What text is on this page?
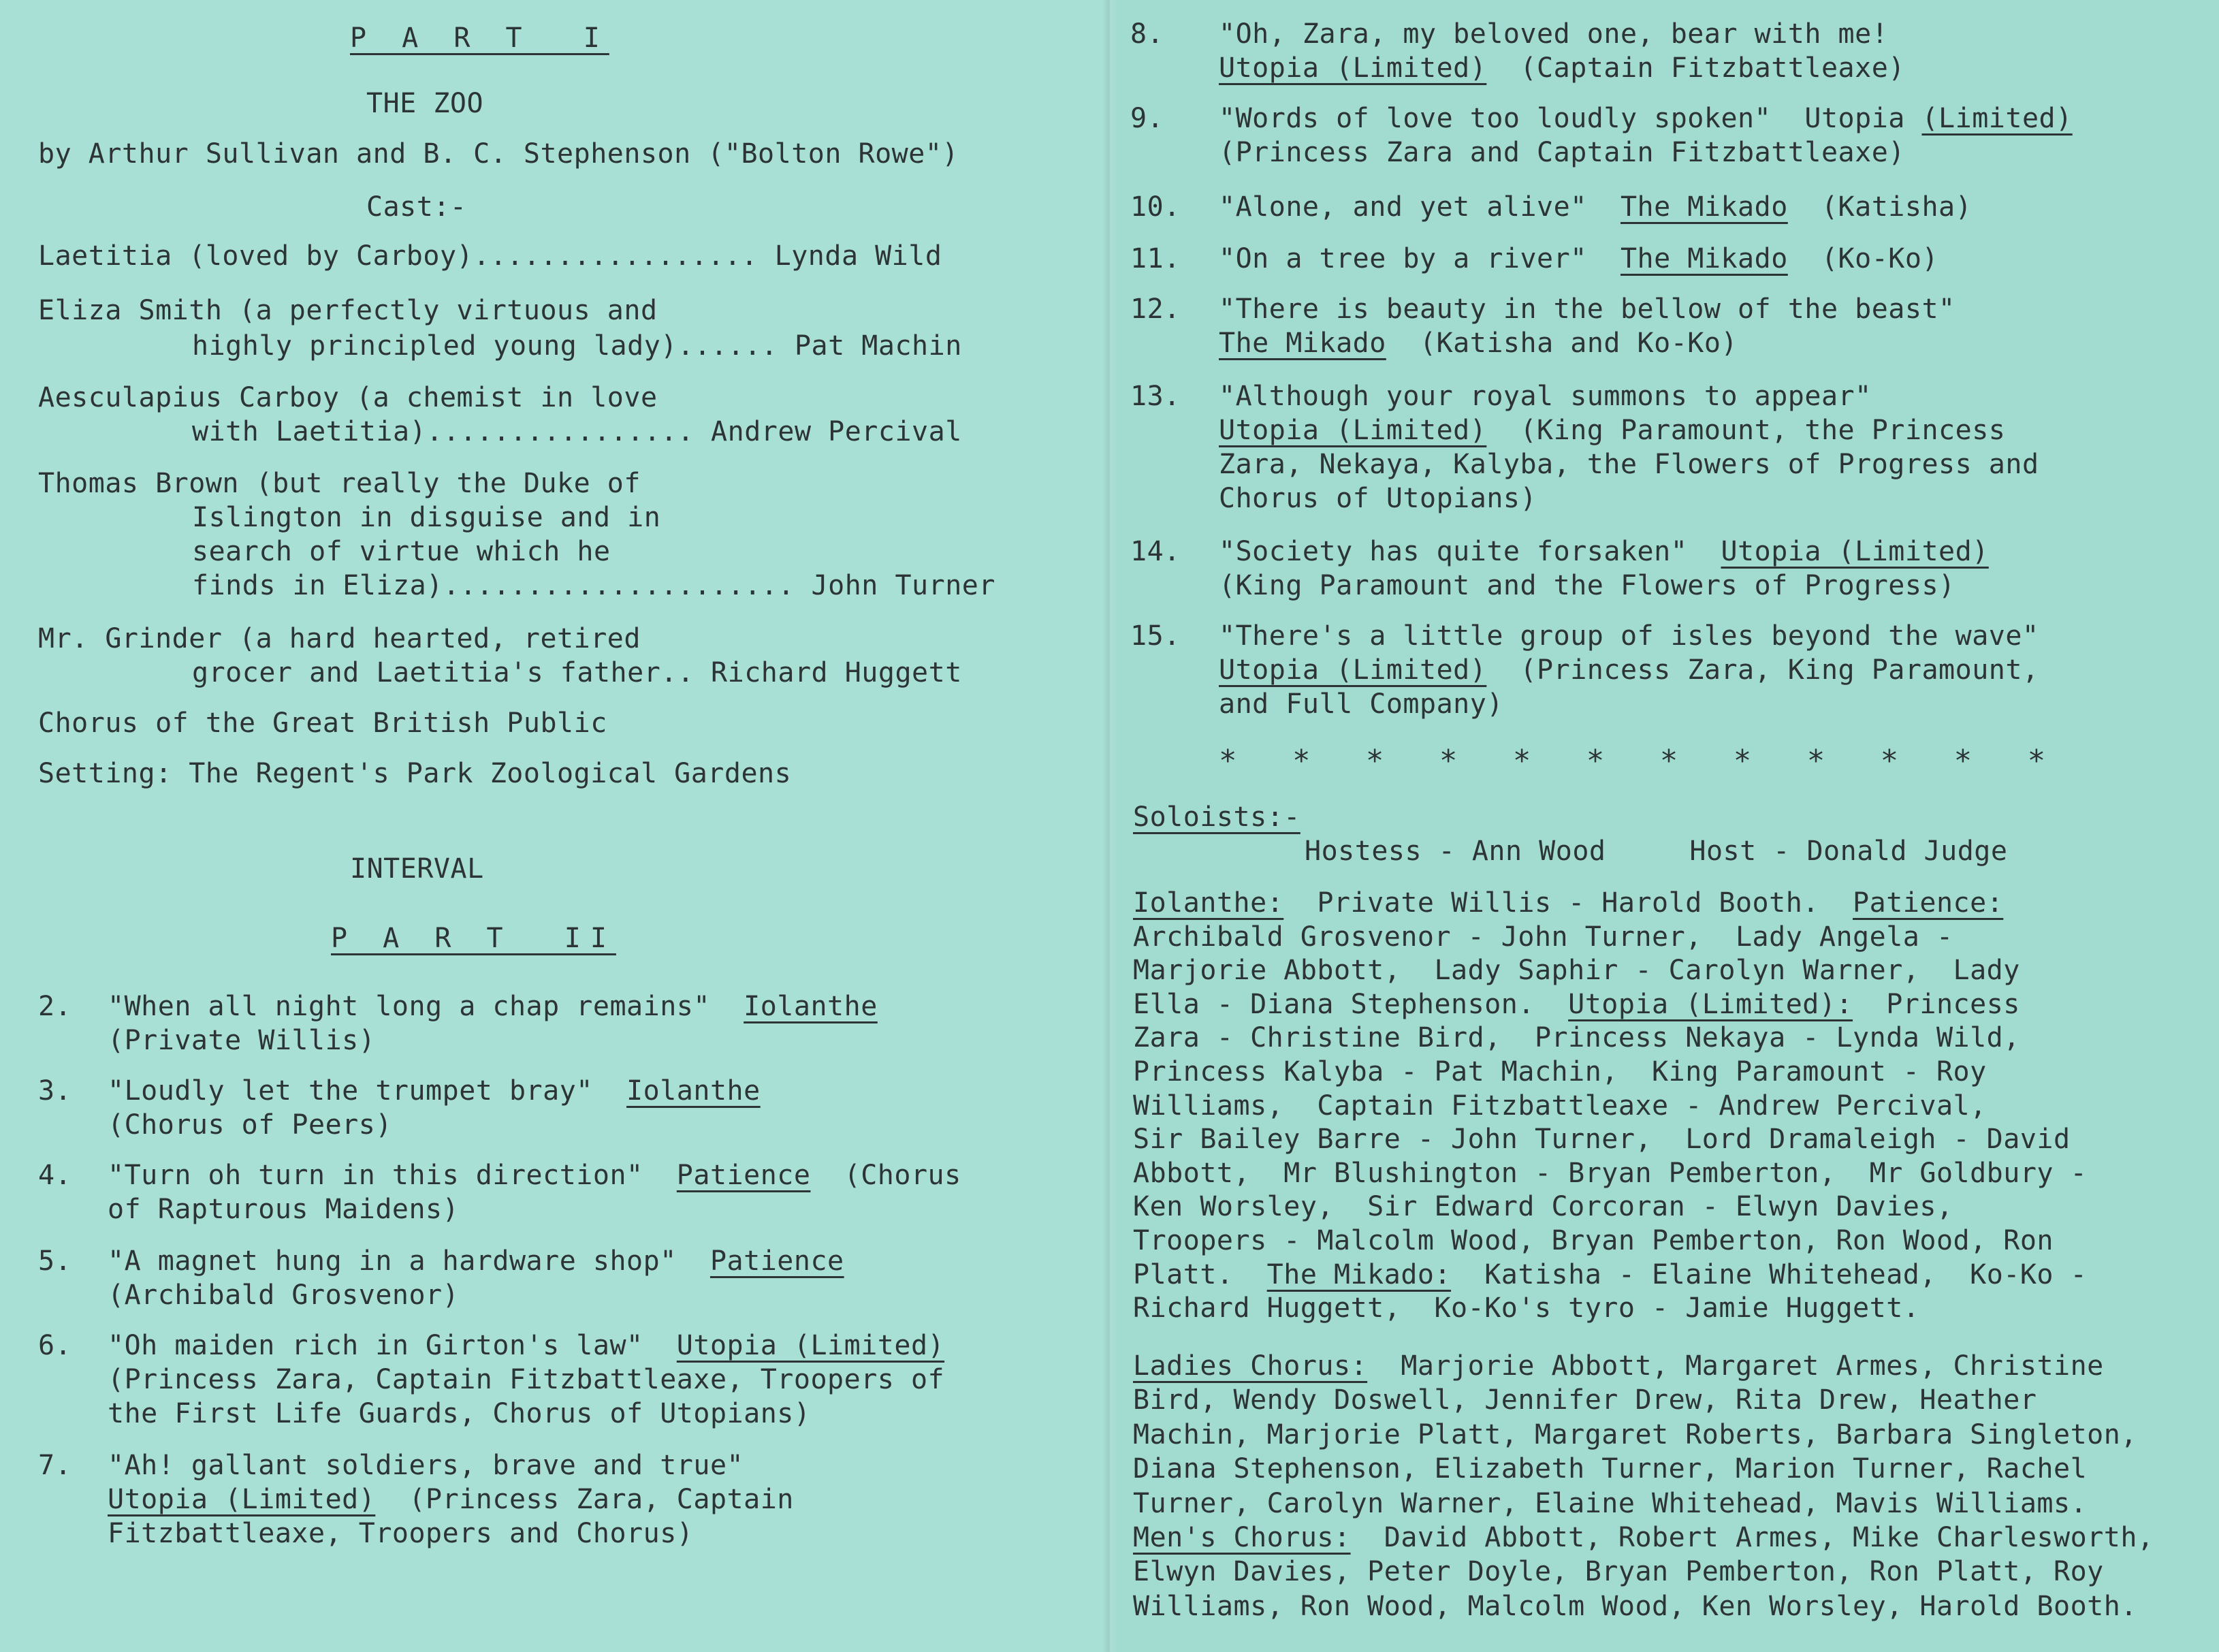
P A R T  I
THE ZOO
by Arthur Sullivan and B. C. Stephenson ("Bolton Rowe")
Cast:-
Laetitia (loved by Carboy)................. Lynda Wild
Eliza Smith (a perfectly virtuous and
highly principled young lady)...... Pat Machin
Aesculapius Carboy (a chemist in love
with Laetitia)................ Andrew Percival
Thomas Brown (but really the Duke of
Islington in disguise and in
search of virtue which he
finds in Eliza)..................... John Turner
Mr. Grinder (a hard hearted, retired
grocer and Laetitia's father.. Richard Huggett
Chorus of the Great British Public
Setting: The Regent's Park Zoological Gardens
INTERVAL
P A R T  II
2. "When all night long a chap remains"  Iolanthe
(Private Willis)
3. "Loudly let the trumpet bray"  Iolanthe
(Chorus of Peers)
4. "Turn oh turn in this direction"  Patience  (Chorus
of Rapturous Maidens)
5. "A magnet hung in a hardware shop"  Patience
(Archibald Grosvenor)
6. "Oh maiden rich in Girton's law"  Utopia (Limited)
(Princess Zara, Captain Fitzbattleaxe, Troopers of
the First Life Guards, Chorus of Utopians)
7. "Ah! gallant soldiers, brave and true"
Utopia (Limited)  (Princess Zara, Captain
Fitzbattleaxe, Troopers and Chorus)
8. "Oh, Zara, my beloved one, bear with me!
Utopia (Limited)  (Captain Fitzbattleaxe)
9. "Words of love too loudly spoken"  Utopia (Limited)
(Princess Zara and Captain Fitzbattleaxe)
10. "Alone, and yet alive"  The Mikado  (Katisha)
11. "On a tree by a river"  The Mikado  (Ko-Ko)
12. "There is beauty in the bellow of the beast"
The Mikado  (Katisha and Ko-Ko)
13. "Although your royal summons to appear"
Utopia (Limited)  (King Paramount, the Princess
Zara, Nekaya, Kalyba, the Flowers of Progress and
Chorus of Utopians)
14. "Society has quite forsaken"  Utopia (Limited)
(King Paramount and the Flowers of Progress)
15. "There's a little group of isles beyond the wave"
Utopia (Limited)  (Princess Zara, King Paramount,
and Full Company)
*   *   *   *   *   *   *   *   *   *   *   *
Soloists:-
Hostess - Ann Wood     Host - Donald Judge
Iolanthe:  Private Willis - Harold Booth.  Patience:
Archibald Grosvenor - John Turner,  Lady Angela -
Marjorie Abbott,  Lady Saphir - Carolyn Warner,  Lady
Ella - Diana Stephenson.  Utopia (Limited):  Princess
Zara - Christine Bird,  Princess Nekaya - Lynda Wild,
Princess Kalyba - Pat Machin,  King Paramount - Roy
Williams,  Captain Fitzbattleaxe - Andrew Percival,
Sir Bailey Barre - John Turner,  Lord Dramaleigh - David
Abbott,  Mr Blushington - Bryan Pemberton,  Mr Goldbury -
Ken Worsley,  Sir Edward Corcoran - Elwyn Davies,
Troopers - Malcolm Wood, Bryan Pemberton, Ron Wood, Ron
Platt.  The Mikado:  Katisha - Elaine Whitehead,  Ko-Ko -
Richard Huggett,  Ko-Ko's tyro - Jamie Huggett.
Ladies Chorus:  Marjorie Abbott, Margaret Armes, Christine
Bird, Wendy Doswell, Jennifer Drew, Rita Drew, Heather
Machin, Marjorie Platt, Margaret Roberts, Barbara Singleton,
Diana Stephenson, Elizabeth Turner, Marion Turner, Rachel
Turner, Carolyn Warner, Elaine Whitehead, Mavis Williams.
Men's Chorus:  David Abbott, Robert Armes, Mike Charlesworth,
Elwyn Davies, Peter Doyle, Bryan Pemberton, Ron Platt, Roy
Williams, Ron Wood, Malcolm Wood, Ken Worsley, Harold Booth.
